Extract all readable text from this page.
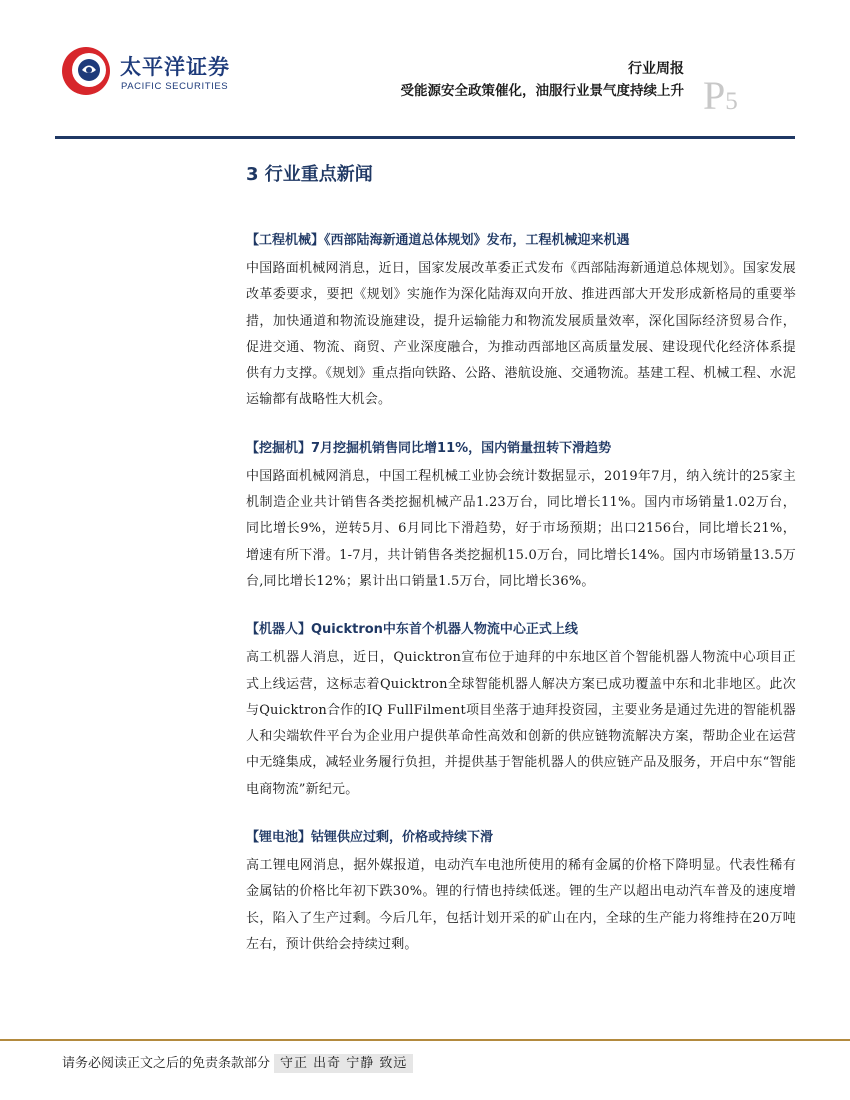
太平洋证券
PACIFIC SECURITIES
行业周报
受能源安全政策催化，油服行业景气度持续上升 P5
3 行业重点新闻
【工程机械】《西部陆海新通道总体规划》发布，工程机械迎来机遇

中国路面机械网消息，近日，国家发展改革委正式发布《西部陆海新通道总体规划》。国家发展改革委要求，要把《规划》实施作为深化陆海双向开放、推进西部大开发形成新格局的重要举措，加快通道和物流设施建设，提升运输能力和物流发展质量效率，深化国际经济贸易合作，促进交通、物流、商贸、产业深度融合，为推动西部地区高质量发展、建设现代化经济体系提供有力支撑。《规划》重点指向铁路、公路、港航设施、交通物流。基建工程、机械工程、水泥运输都有战略性大机会。

【挖掘机】7月挖掘机销售同比增11%，国内销量扭转下滑趋势

中国路面机械网消息，中国工程机械工业协会统计数据显示，2019年7月，纳入统计的25家主机制造企业共计销售各类挖掘机械产品1.23万台，同比增长11%。国内市场销量1.02万台，同比增长9%，逆转5月、6月同比下滑趋势，好于市场预期；出口2156台，同比增长21%，增速有所下滑。1-7月，共计销售各类挖掘机15.0万台，同比增长14%。国内市场销量13.5万台,同比增长12%；累计出口销量1.5万台，同比增长36%。

【机器人】Quicktron中东首个机器人物流中心正式上线

高工机器人消息，近日，Quicktron宣布位于迪拜的中东地区首个智能机器人物流中心项目正式上线运营，这标志着Quicktron全球智能机器人解决方案已成功覆盖中东和北非地区。此次与Quicktron合作的IQ FullFilment项目坐落于迪拜投资园，主要业务是通过先进的智能机器人和尖端软件平台为企业用户提供革命性高效和创新的供应链物流解决方案，帮助企业在运营中无缝集成，减轻业务履行负担，并提供基于智能机器人的供应链产品及服务，开启中东“智能电商物流”新纪元。

【锂电池】钴锂供应过剩，价格或持续下滑

高工锂电网消息，据外媒报道，电动汽车电池所使用的稀有金属的价格下降明显。代表性稀有金属钴的价格比年初下跌30%。锂的行情也持续低迷。锂的生产以超出电动汽车普及的速度增长，陷入了生产过剩。今后几年，包括计划开采的矿山在内，全球的生产能力将维持在20万吨左右，预计供给会持续过剩。

请务必阅读正文之后的免责条款部分 守正 出奇 宁静 致远
